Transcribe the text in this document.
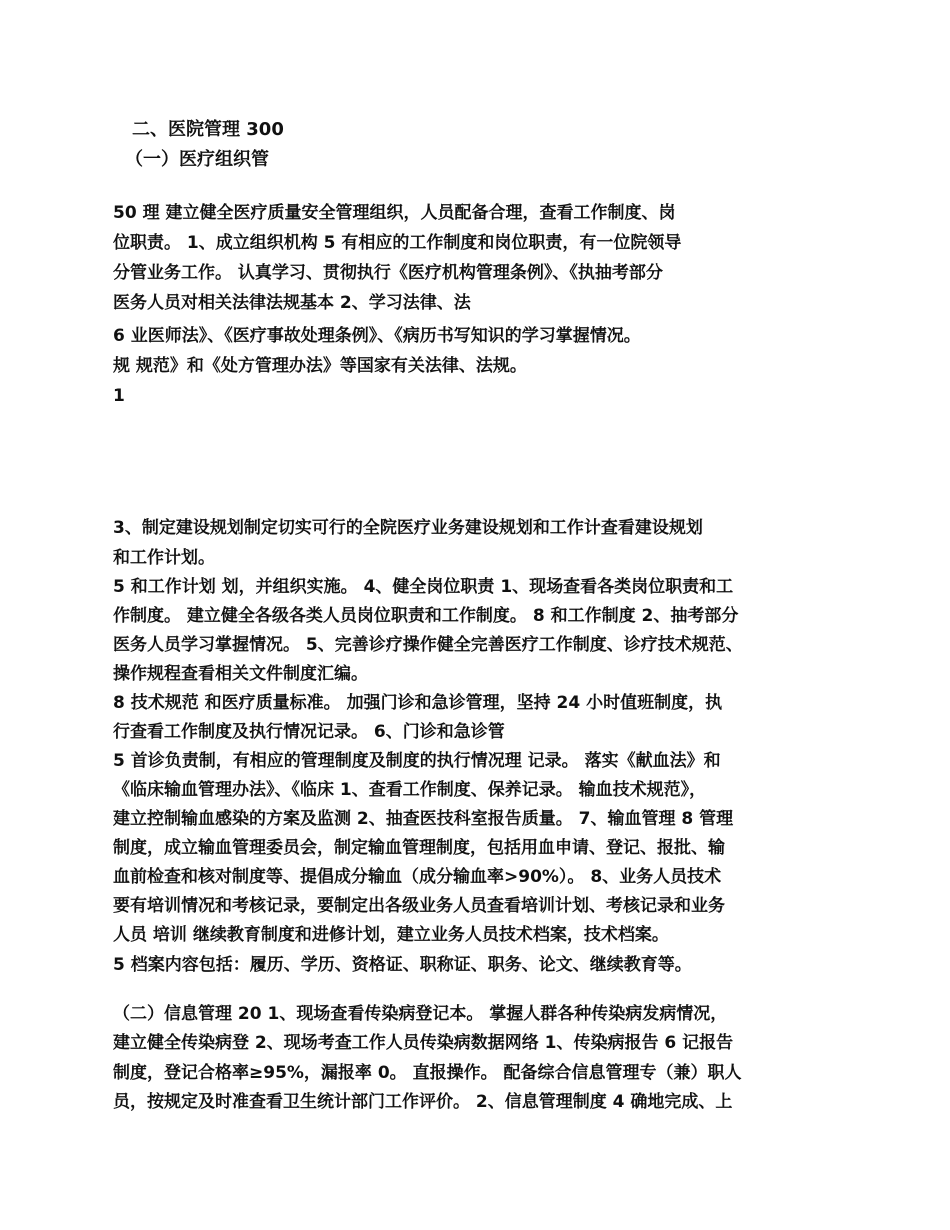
二、医院管理 300
（一）医疗组织管
50 理 建立健全医疗质量安全管理组织，人员配备合理，查看工作制度、岗
位职责。 1、成立组织机构 5 有相应的工作制度和岗位职责，有一位院领导
分管业务工作。 认真学习、贯彻执行《医疗机构管理条例》、《执抽考部分
医务人员对相关法律法规基本 2、学习法律、法
6 业医师法》、《医疗事故处理条例》、《病历书写知识的学习掌握情况。
规 规范》和《处方管理办法》等国家有关法律、法规。
1
3、制定建设规划制定切实可行的全院医疗业务建设规划和工作计查看建设规划
和工作计划。
5 和工作计划 划，并组织实施。 4、健全岗位职责 1、现场查看各类岗位职责和工
作制度。 建立健全各级各类人员岗位职责和工作制度。 8 和工作制度 2、抽考部分
医务人员学习掌握情况。 5、完善诊疗操作健全完善医疗工作制度、诊疗技术规范、
操作规程查看相关文件制度汇编。
8 技术规范 和医疗质量标准。 加强门诊和急诊管理，坚持 24 小时值班制度，执
行查看工作制度及执行情况记录。 6、门诊和急诊管
5 首诊负责制，有相应的管理制度及制度的执行情况理 记录。 落实《献血法》和
《临床输血管理办法》、《临床 1、查看工作制度、保养记录。 输血技术规范》，
建立控制输血感染的方案及监测 2、抽查医技科室报告质量。 7、输血管理 8 管理
制度，成立输血管理委员会，制定输血管理制度，包括用血申请、登记、报批、输
血前检查和核对制度等、提倡成分输血（成分输血率>90%）。 8、业务人员技术
要有培训情况和考核记录，要制定出各级业务人员查看培训计划、考核记录和业务
人员 培训 继续教育制度和进修计划，建立业务人员技术档案，技术档案。
5 档案内容包括：履历、学历、资格证、职称证、职务、论文、继续教育等。
（二）信息管理 20 1、现场查看传染病登记本。 掌握人群各种传染病发病情况，
建立健全传染病登 2、现场考查工作人员传染病数据网络 1、传染病报告 6 记报告
制度，登记合格率≥95%，漏报率 0。 直报操作。 配备综合信息管理专（兼）职人
员，按规定及时准查看卫生统计部门工作评价。 2、信息管理制度 4 确地完成、上
